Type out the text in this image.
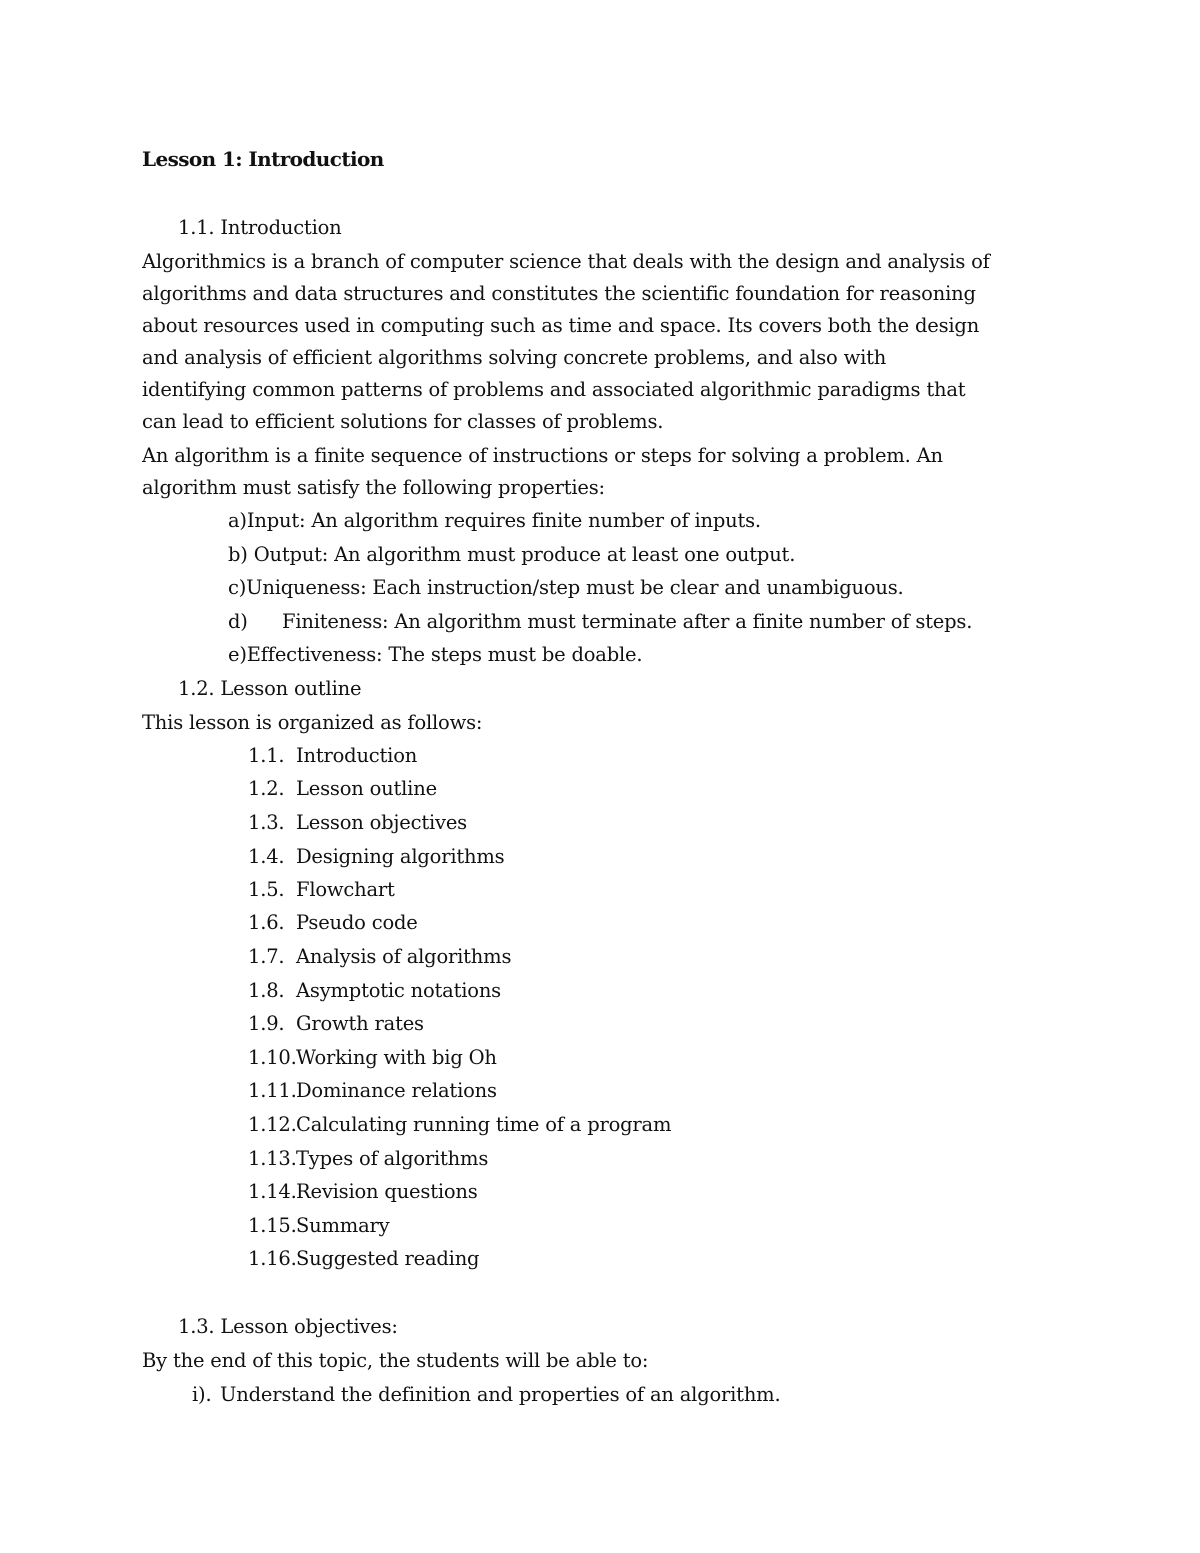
Lesson 1: Introduction
1.1. Introduction
Algorithmics is a branch of computer science that deals with the design and analysis of
algorithms and data structures and constitutes the scientific foundation for reasoning
about resources used in computing such as time and space. Its covers both the design
and analysis of efficient algorithms solving concrete problems, and also with
identifying common patterns of problems and associated algorithmic paradigms that
can lead to efficient solutions for classes of problems.
An algorithm is a finite sequence of instructions or steps for solving a problem. An
algorithm must satisfy the following properties:
a)Input: An algorithm requires finite number of inputs.
b) Output: An algorithm must produce at least one output.
c)Uniqueness: Each instruction/step must be clear and unambiguous.
d) Finiteness: An algorithm must terminate after a finite number of steps.
e)Effectiveness: The steps must be doable.
1.2. Lesson outline
This lesson is organized as follows:
1.1. Introduction
1.2. Lesson outline
1.3. Lesson objectives
1.4. Designing algorithms
1.5. Flowchart
1.6. Pseudo code
1.7. Analysis of algorithms
1.8. Asymptotic notations
1.9. Growth rates
1.10.Working with big Oh
1.11.Dominance relations
1.12.Calculating running time of a program
1.13.Types of algorithms
1.14.Revision questions
1.15.Summary
1.16.Suggested reading
1.3. Lesson objectives:
By the end of this topic, the students will be able to:
i). Understand the definition and properties of an algorithm.
